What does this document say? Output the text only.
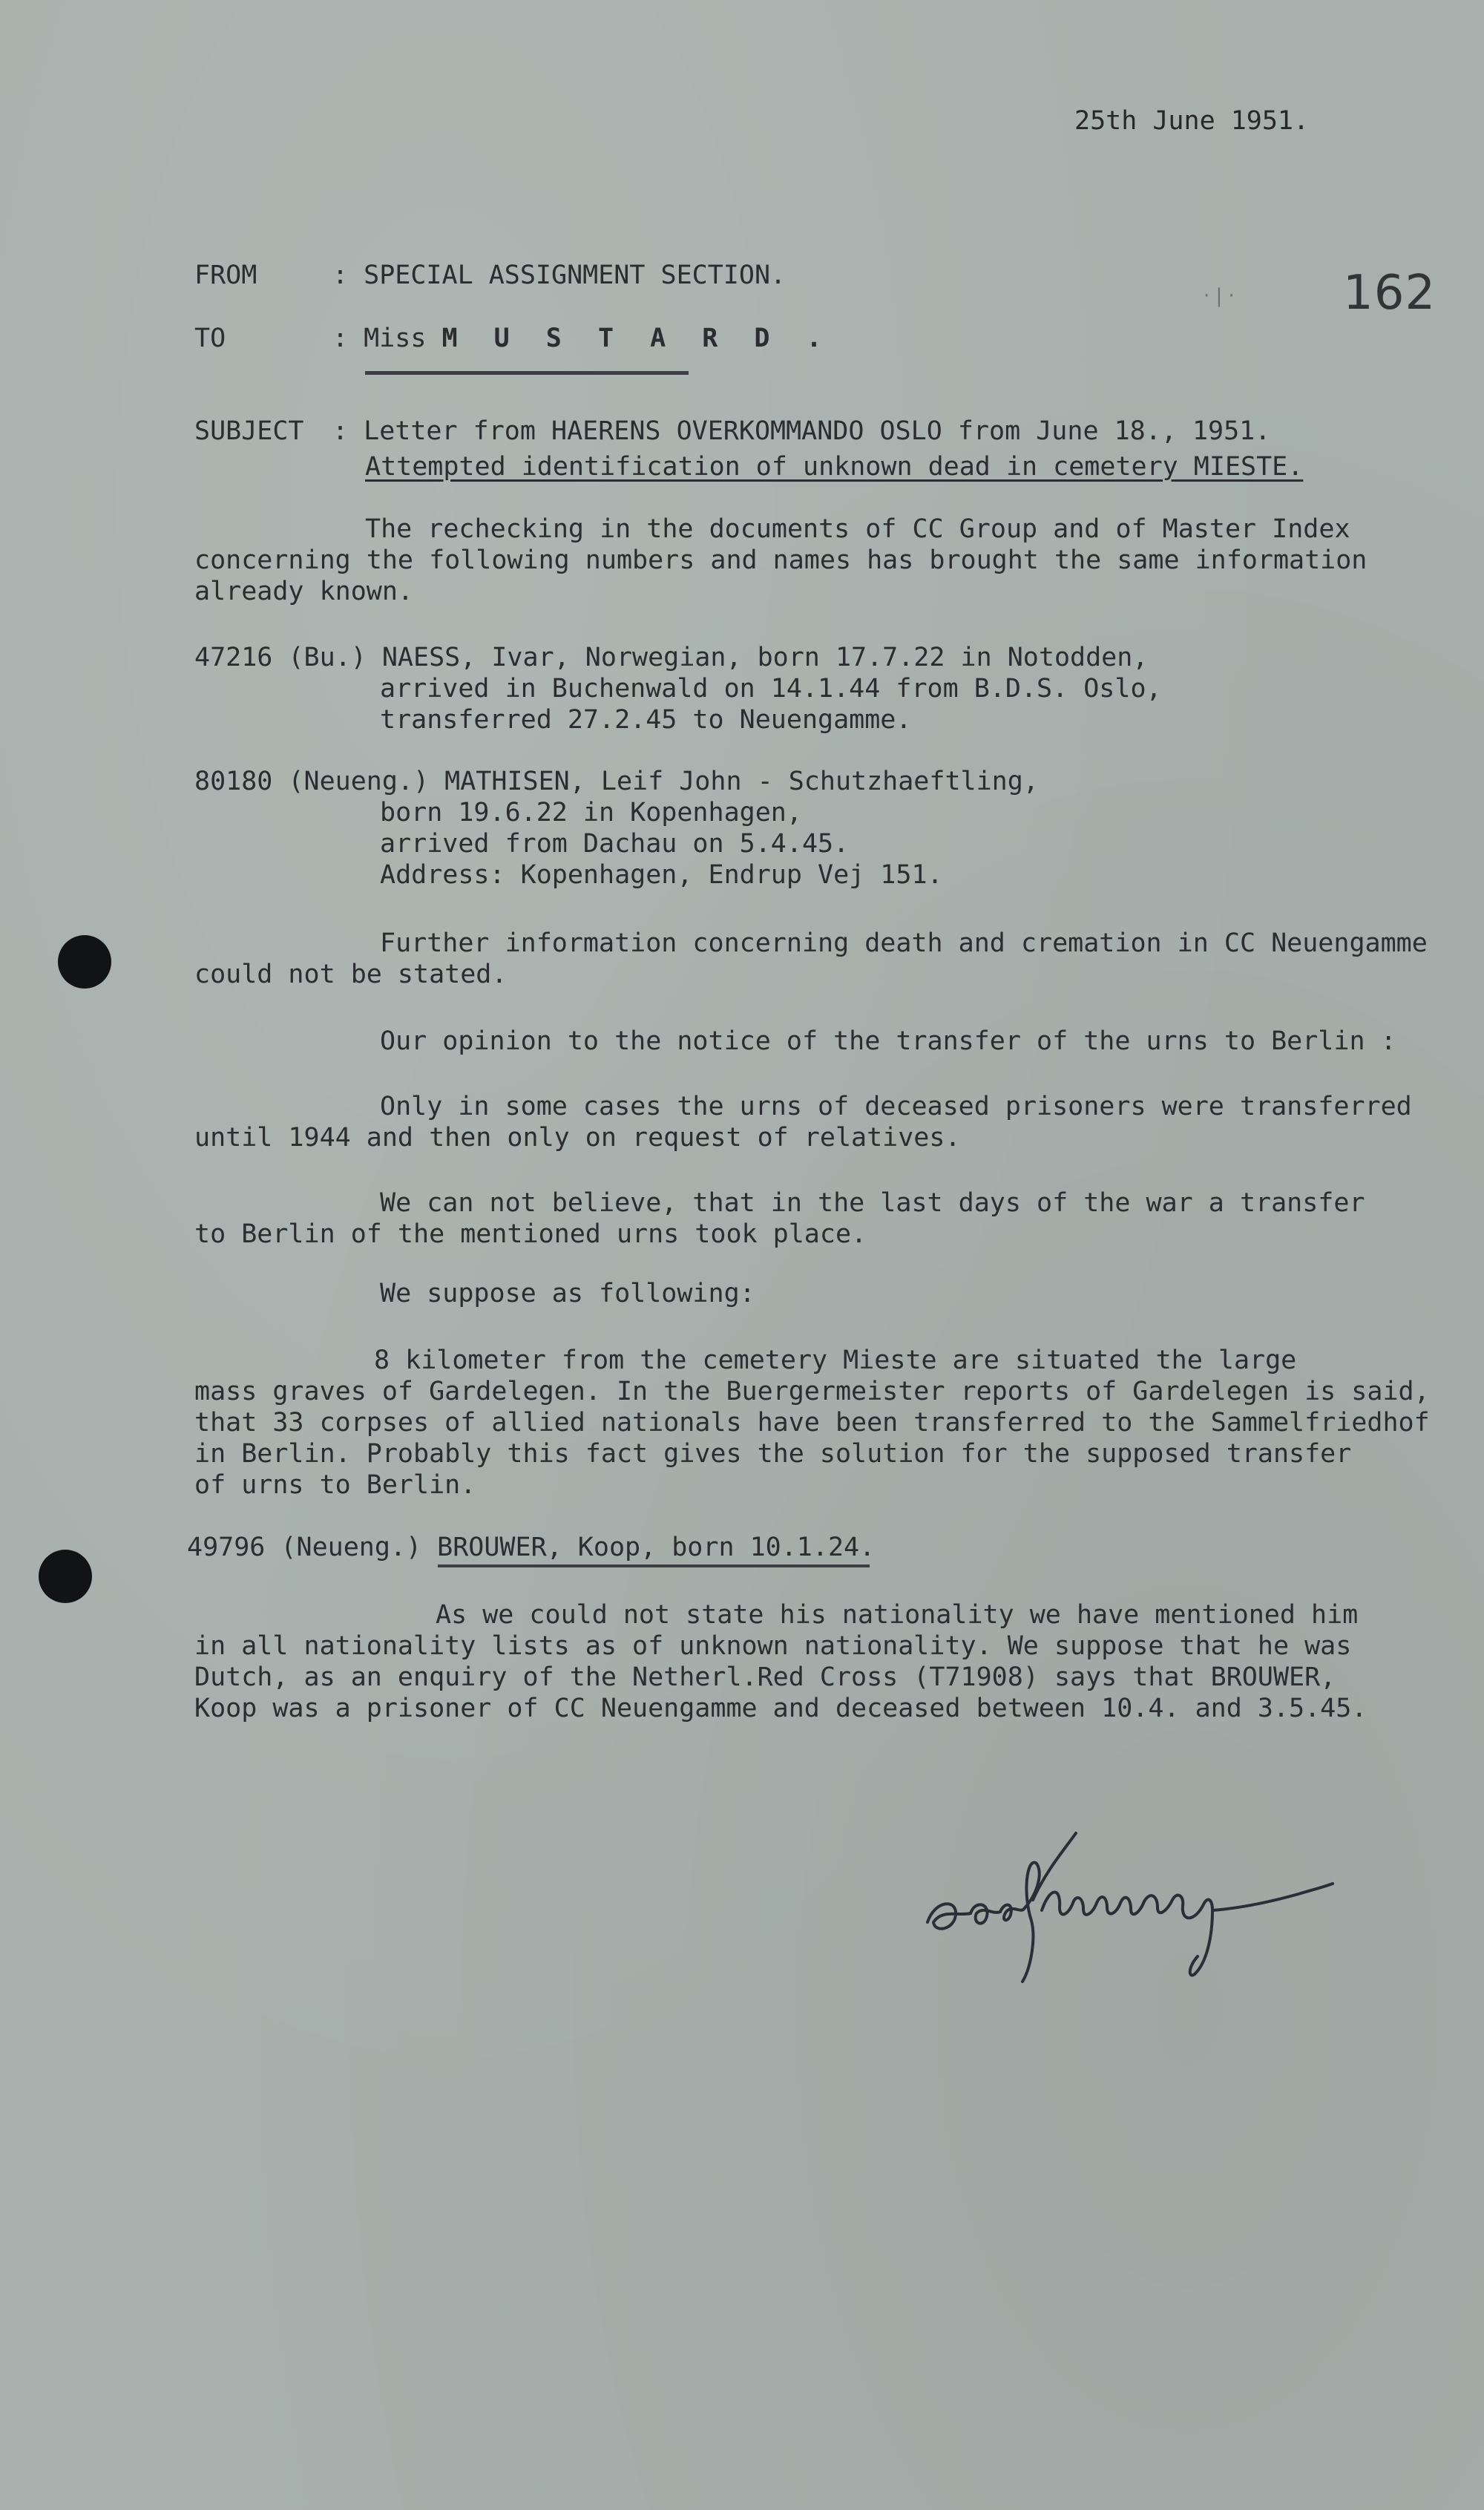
25th June 1951.
· | · 162
FROM	: SPECIAL ASSIGNMENT SECTION.
TO	: Miss M U S T A R D .
SUBJECT : Letter from HAERENS OVERKOMMANDO OSLO from June 18., 1951.
Attempted identification of unknown dead in cemetery MIESTE.
The rechecking in the documents of CC Group and of Master Index
concerning the following numbers and names has brought the same information
already known.
47216 (Bu.) NAESS, Ivar, Norwegian, born 17.7.22 in Notodden,
arrived in Buchenwald on 14.1.44 from B.D.S. Oslo,
transferred 27.2.45 to Neuengamme.
80180 (Neueng.) MATHISEN, Leif John - Schutzhaeftling,
born 19.6.22 in Kopenhagen,
arrived from Dachau on 5.4.45.
Address: Kopenhagen, Endrup Vej 151.
Further information concerning death and cremation in CC Neuengamme
could not be stated.
Our opinion to the notice of the transfer of the urns to Berlin :
Only in some cases the urns of deceased prisoners were transferred
until 1944 and then only on request of relatives.
We can not believe, that in the last days of the war a transfer
to Berlin of the mentioned urns took place.
We suppose as following:
8 kilometer from the cemetery Mieste are situated the large
mass graves of Gardelegen. In the Buergermeister reports of Gardelegen is said,
that 33 corpses of allied nationals have been transferred to the Sammelfriedhof
in Berlin. Probably this fact gives the solution for the supposed transfer
of urns to Berlin.
49796 (Neueng.) BROUWER, Koop, born 10.1.24.
As we could not state his nationality we have mentioned him
in all nationality lists as of unknown nationality. We suppose that he was
Dutch, as an enquiry of the Netherl.Red Cross (T71908) says that BROUWER,
Koop was a prisoner of CC Neuengamme and deceased between 10.4. and 3.5.45.
